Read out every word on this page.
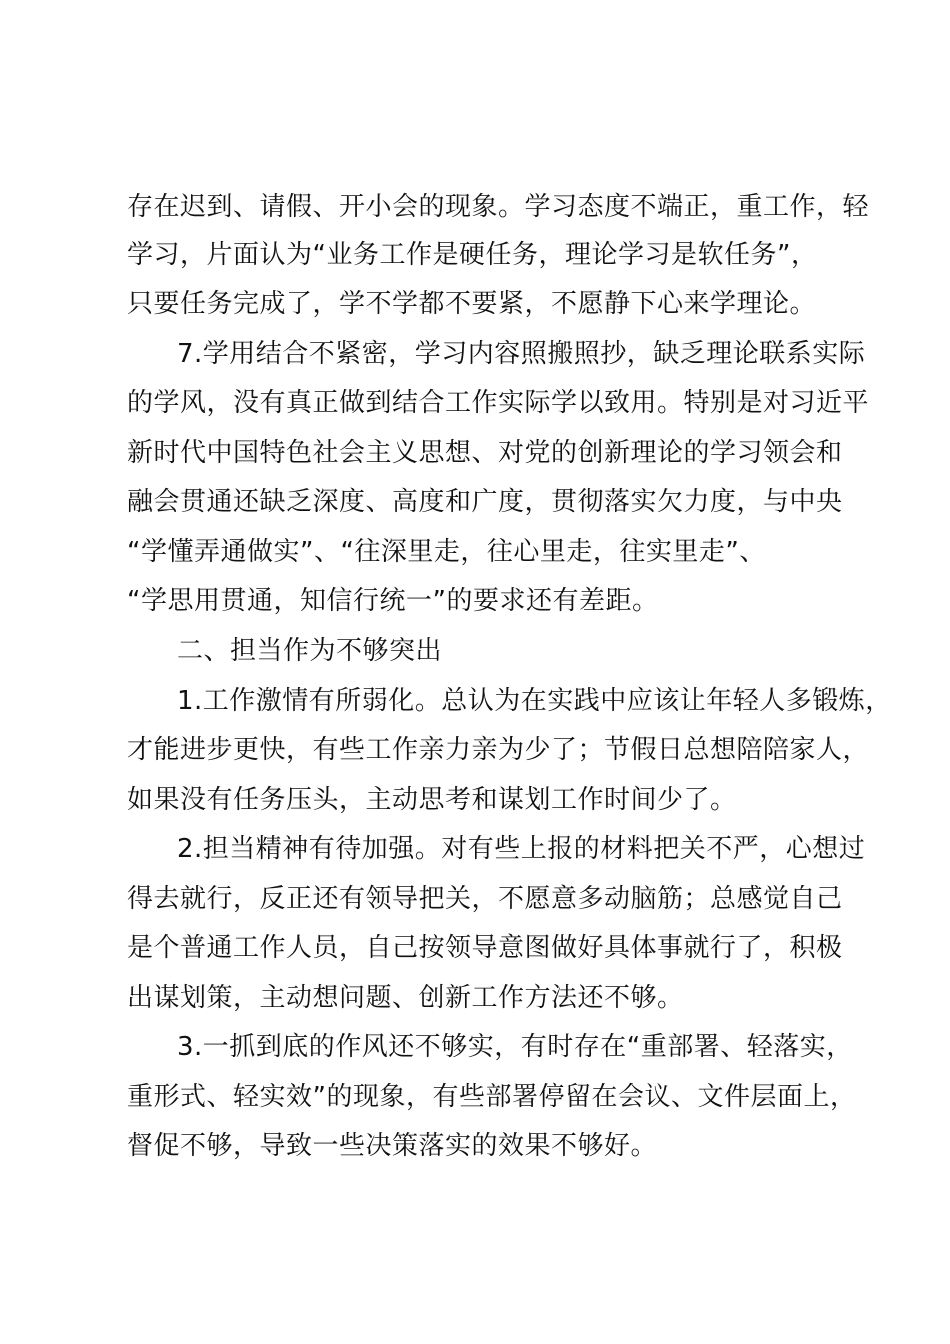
存在迟到、请假、开小会的现象。学习态度不端正，重工作，轻
学习，片面认为“业务工作是硬任务，理论学习是软任务”，
只要任务完成了，学不学都不要紧，不愿静下心来学理论。
7.学用结合不紧密，学习内容照搬照抄，缺乏理论联系实际
的学风，没有真正做到结合工作实际学以致用。特别是对习近平
新时代中国特色社会主义思想、对党的创新理论的学习领会和
融会贯通还缺乏深度、高度和广度，贯彻落实欠力度，与中央
“学懂弄通做实”、“往深里走，往心里走，往实里走”、
“学思用贯通，知信行统一”的要求还有差距。
二、担当作为不够突出
1.工作激情有所弱化。总认为在实践中应该让年轻人多锻炼，
才能进步更快，有些工作亲力亲为少了；节假日总想陪陪家人，
如果没有任务压头，主动思考和谋划工作时间少了。
2.担当精神有待加强。对有些上报的材料把关不严，心想过
得去就行，反正还有领导把关，不愿意多动脑筋；总感觉自己
是个普通工作人员，自己按领导意图做好具体事就行了，积极
出谋划策，主动想问题、创新工作方法还不够。
3.一抓到底的作风还不够实，有时存在“重部署、轻落实，
重形式、轻实效”的现象，有些部署停留在会议、文件层面上，
督促不够，导致一些决策落实的效果不够好。
